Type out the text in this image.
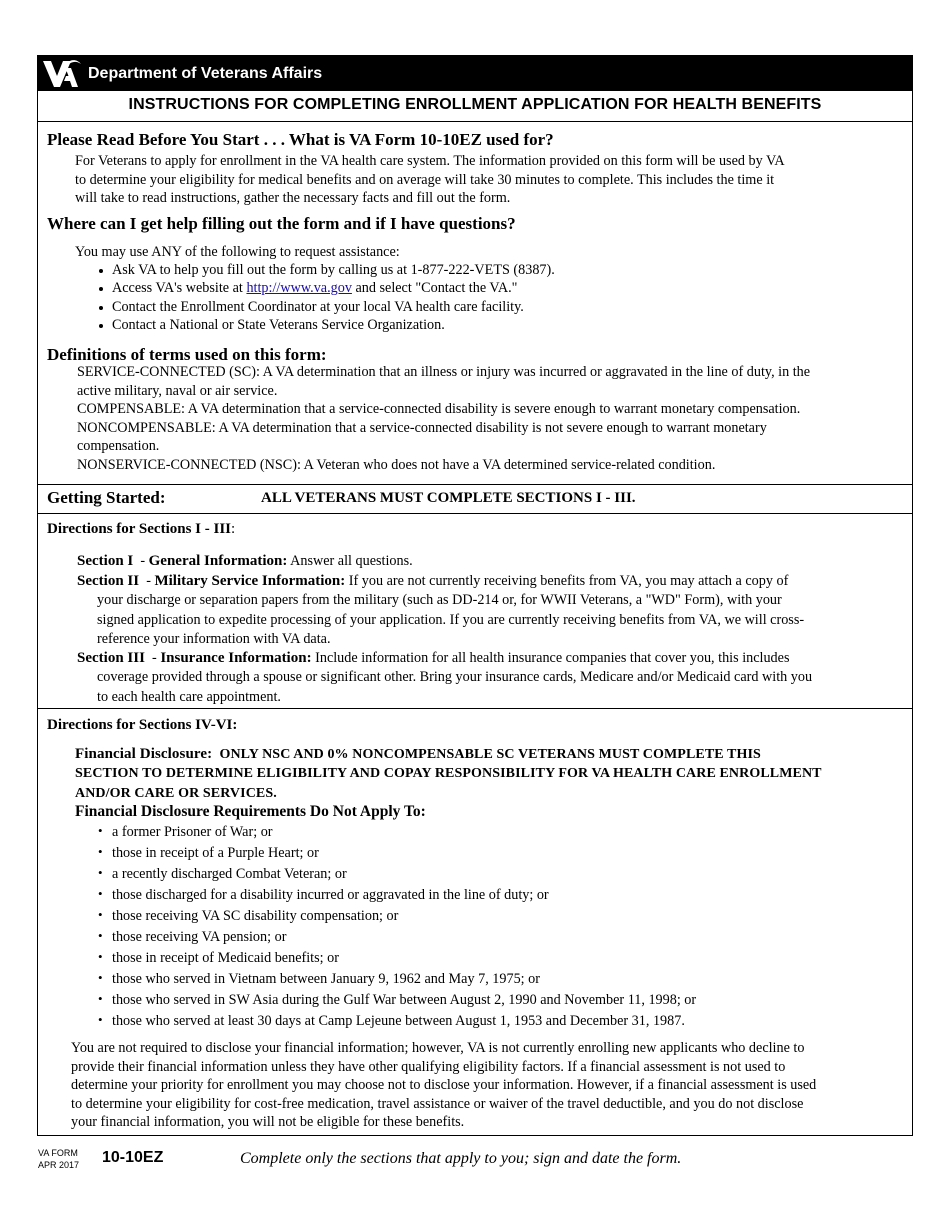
Department of Veterans Affairs
INSTRUCTIONS FOR COMPLETING ENROLLMENT APPLICATION FOR HEALTH BENEFITS
Please Read Before You Start . . . What is VA Form 10-10EZ used for?
For Veterans to apply for enrollment in the VA health care system. The information provided on this form will be used by VA
to determine your eligibility for medical benefits and on average will take 30 minutes to complete. This includes the time it
will take to read instructions, gather the necessary facts and fill out the form.
Where can I get help filling out the form and if I have questions?
You may use ANY of the following to request assistance:
Ask VA to help you fill out the form by calling us at 1-877-222-VETS (8387).
Access VA's website at http://www.va.gov and select "Contact the VA."
Contact the Enrollment Coordinator at your local VA health care facility.
Contact a National or State Veterans Service Organization.
Definitions of terms used on this form:
SERVICE-CONNECTED (SC): A VA determination that an illness or injury was incurred or aggravated in the line of duty, in the
active military, naval or air service.
COMPENSABLE: A VA determination that a service-connected disability is severe enough to warrant monetary compensation.
NONCOMPENSABLE: A VA determination that a service-connected disability is not severe enough to warrant monetary
compensation.
NONSERVICE-CONNECTED (NSC): A Veteran who does not have a VA determined service-related condition.
Getting Started:	ALL VETERANS MUST COMPLETE SECTIONS I - III.
Directions for Sections I - III:
Section I - General Information: Answer all questions.
Section II - Military Service Information: If you are not currently receiving benefits from VA, you may attach a copy of
your discharge or separation papers from the military (such as DD-214 or, for WWII Veterans, a "WD" Form), with your
signed application to expedite processing of your application. If you are currently receiving benefits from VA, we will cross-
reference your information with VA data.
Section III - Insurance Information: Include information for all health insurance companies that cover you, this includes
coverage provided through a spouse or significant other. Bring your insurance cards, Medicare and/or Medicaid card with you
to each health care appointment.
Directions for Sections IV-VI:
Financial Disclosure: ONLY NSC AND 0% NONCOMPENSABLE SC VETERANS MUST COMPLETE THIS
SECTION TO DETERMINE ELIGIBILITY AND COPAY RESPONSIBILITY FOR VA HEALTH CARE ENROLLMENT
AND/OR CARE OR SERVICES.
Financial Disclosure Requirements Do Not Apply To:
• a former Prisoner of War; or
• those in receipt of a Purple Heart; or
• a recently discharged Combat Veteran; or
• those discharged for a disability incurred or aggravated in the line of duty; or
• those receiving VA SC disability compensation; or
• those receiving VA pension; or
• those in receipt of Medicaid benefits; or
• those who served in Vietnam between January 9, 1962 and May 7, 1975; or
• those who served in SW Asia during the Gulf War between August 2, 1990 and November 11, 1998; or
• those who served at least 30 days at Camp Lejeune between August 1, 1953 and December 31, 1987.
You are not required to disclose your financial information; however, VA is not currently enrolling new applicants who decline to
provide their financial information unless they have other qualifying eligibility factors. If a financial assessment is not used to
determine your priority for enrollment you may choose not to disclose your information. However, if a financial assessment is used
to determine your eligibility for cost-free medication, travel assistance or waiver of the travel deductible, and you do not disclose
your financial information, you will not be eligible for these benefits.
VA FORM
APR 2017 10-10EZ	Complete only the sections that apply to you; sign and date the form.
